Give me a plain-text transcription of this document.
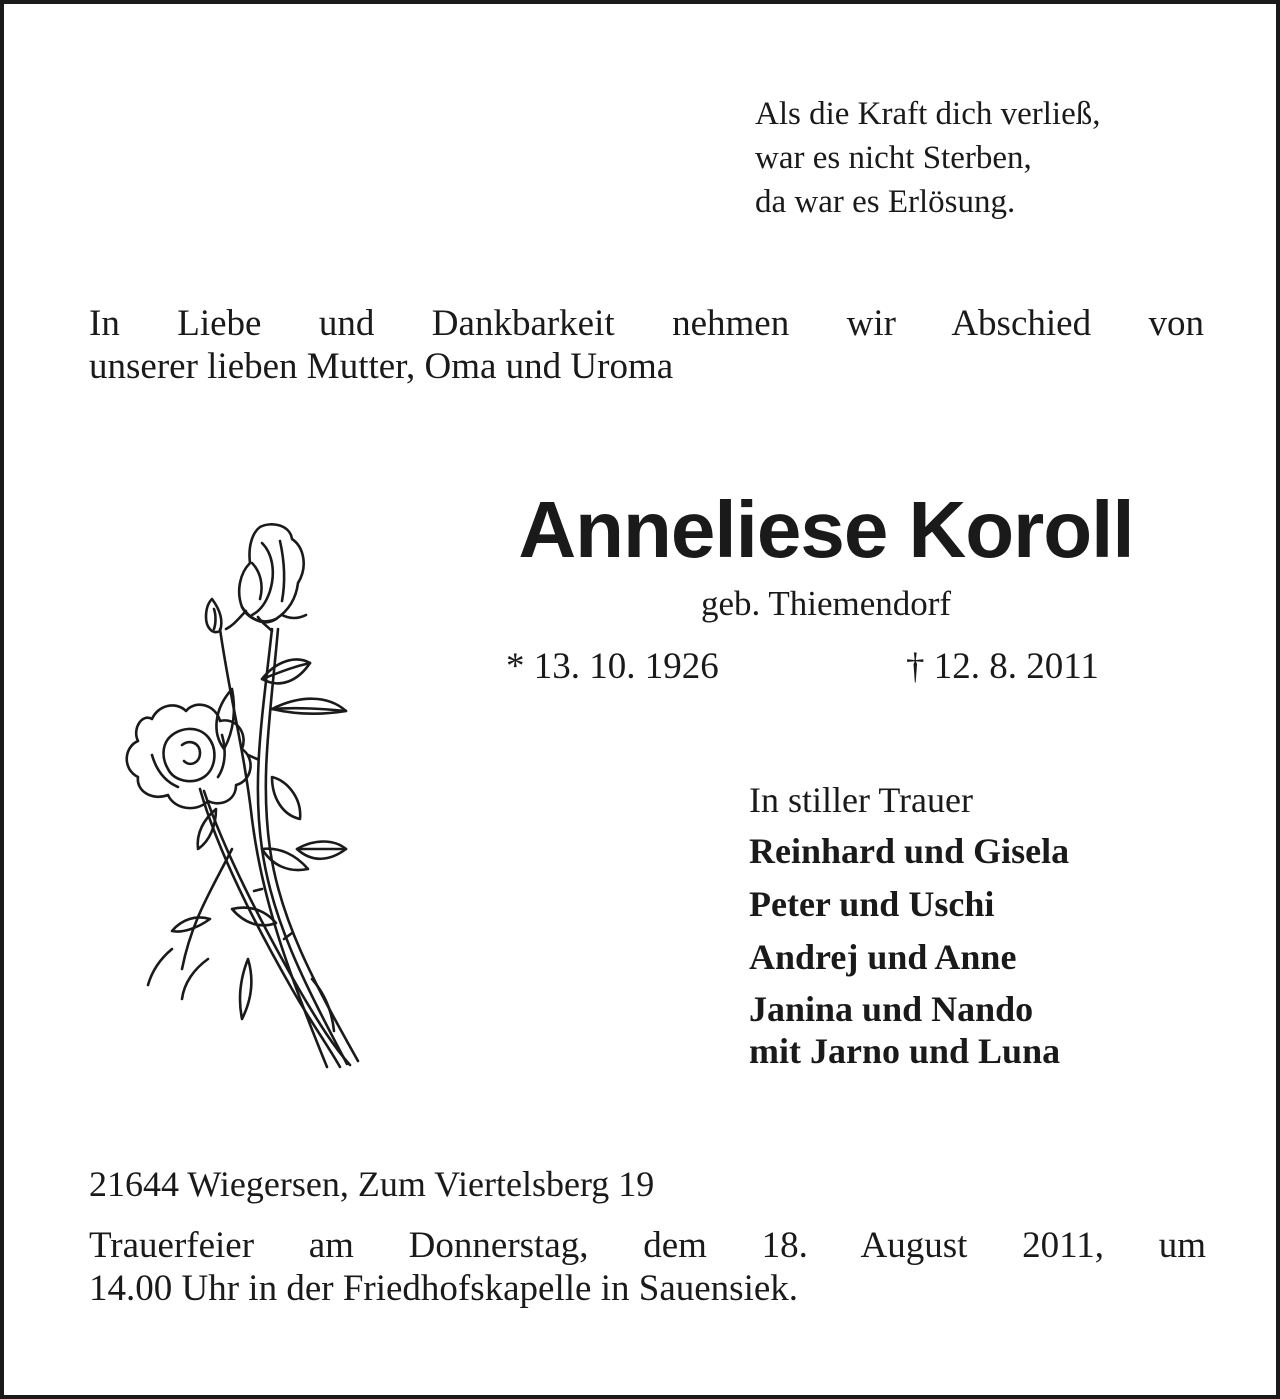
Als die Kraft dich verließ,
war es nicht Sterben,
da war es Erlösung.
In Liebe und Dankbarkeit nehmen wir Abschied von
unserer lieben Mutter, Oma und Uroma
Anneliese Koroll
geb. Thiemendorf
* 13. 10. 1926	† 12. 8. 2011
In stiller Trauer
Reinhard und Gisela
Peter und Uschi
Andrej und Anne
Janina und Nando
mit Jarno und Luna
21644 Wiegersen, Zum Viertelsberg 19
Trauerfeier am Donnerstag, dem 18. August 2011, um
14.00 Uhr in der Friedhofskapelle in Sauensiek.
